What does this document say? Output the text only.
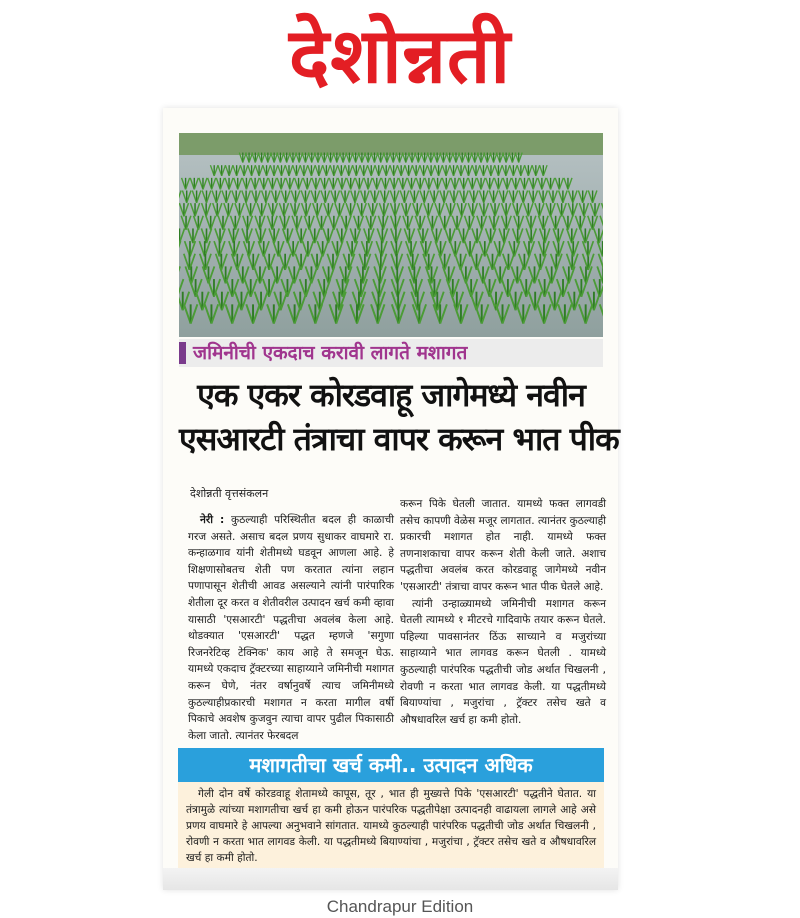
देशोन्नती
जमिनीची एकदाच करावी लागते मशागत
एक एकर कोरडवाहू जागेमध्ये नवीन
एसआरटी तंत्राचा वापर करून भात पीक
देशोन्नती वृत्तसंकलन

नेरी : कुठल्याही परिस्थितीत बदल ही काळाची गरज असते. असाच बदल प्रणय सुधाकर वाघमारे रा. कन्हाळगाव यांनी शेतीमध्ये घडवून आणला आहे. हे शिक्षणासोबतच शेती पण करतात त्यांना लहान पणापासून शेतीची आवड असल्याने त्यांनी पारंपारिक शेतीला दूर करत व शेतीवरील उत्पादन खर्च कमी व्हावा यासाठी 'एसआरटी' पद्धतीचा अवलंब केला आहे. थोडक्यात 'एसआरटी' पद्धत म्हणजे 'सगुणा रिजनरेटिव्ह टेक्निक' काय आहे ते समजून घेऊ. यामध्ये एकदाच ट्रॅक्टरच्या साहाय्याने जमिनीची मशागत करून घेणे, नंतर वर्षानुवर्षे त्याच जमिनीमध्ये कुठल्याहीप्रकारची मशागत न करता मागील वर्षी पिकाचे अवशेष कुजवुन त्याचा वापर पुढील पिकासाठी केला जातो. त्यानंतर फेरबदल

करून पिके घेतली जातात. यामध्ये फक्त लागवडी तसेच कापणी वेळेस मजूर लागतात. त्यानंतर कुठल्याही प्रकारची मशागत होत नाही. यामध्ये फक्त तणनाशकाचा वापर करून शेती केली जाते. अशाच पद्धतीचा अवलंब करत कोरडवाहू जागेमध्ये नवीन 'एसआरटी' तंत्राचा वापर करून भात पीक घेतले आहे.

त्यांनी उन्हाळ्यामध्ये जमिनीची मशागत करून घेतली त्यामध्ये १ मीटरचे गादिवाफे तयार करून घेतले. पहिल्या पावसानंतर ठिंऊ साच्याने व मजुरांच्या साहाय्याने भात लागवड करून घेतली . यामध्ये कुठल्याही पारंपरिक पद्धतीची जोड अर्थात चिखलनी , रोवणी न करता भात लागवड केली. या पद्धतीमध्ये बियाण्यांचा , मजुरांचा , ट्रॅक्टर तसेच खते व औषधावरिल खर्च हा कमी होतो.

मशागतीचा खर्च कमी.. उत्पादन अधिक

गेली दोन वर्षे कोरडवाहू शेतामध्ये कापूस, तूर , भात ही मुख्यत्ते पिके 'एसआरटी' पद्धतीने घेतात. या तंत्रामुळे त्यांच्या मशागतीचा खर्च हा कमी होऊन पारंपरिक पद्धतीपेक्षा उत्पादनही वाढायला लागले आहे असे प्रणय वाघमारे हे आपल्या अनुभवाने सांगतात. यामध्ये कुठल्याही पारंपरिक पद्धतीची जोड अर्थात चिखलनी , रोवणी न करता भात लागवड केली. या पद्धतीमध्ये बियाण्यांचा , मजुरांचा , ट्रॅक्टर तसेच खते व औषधावरिल खर्च हा कमी होतो.

Chandrapur Edition
